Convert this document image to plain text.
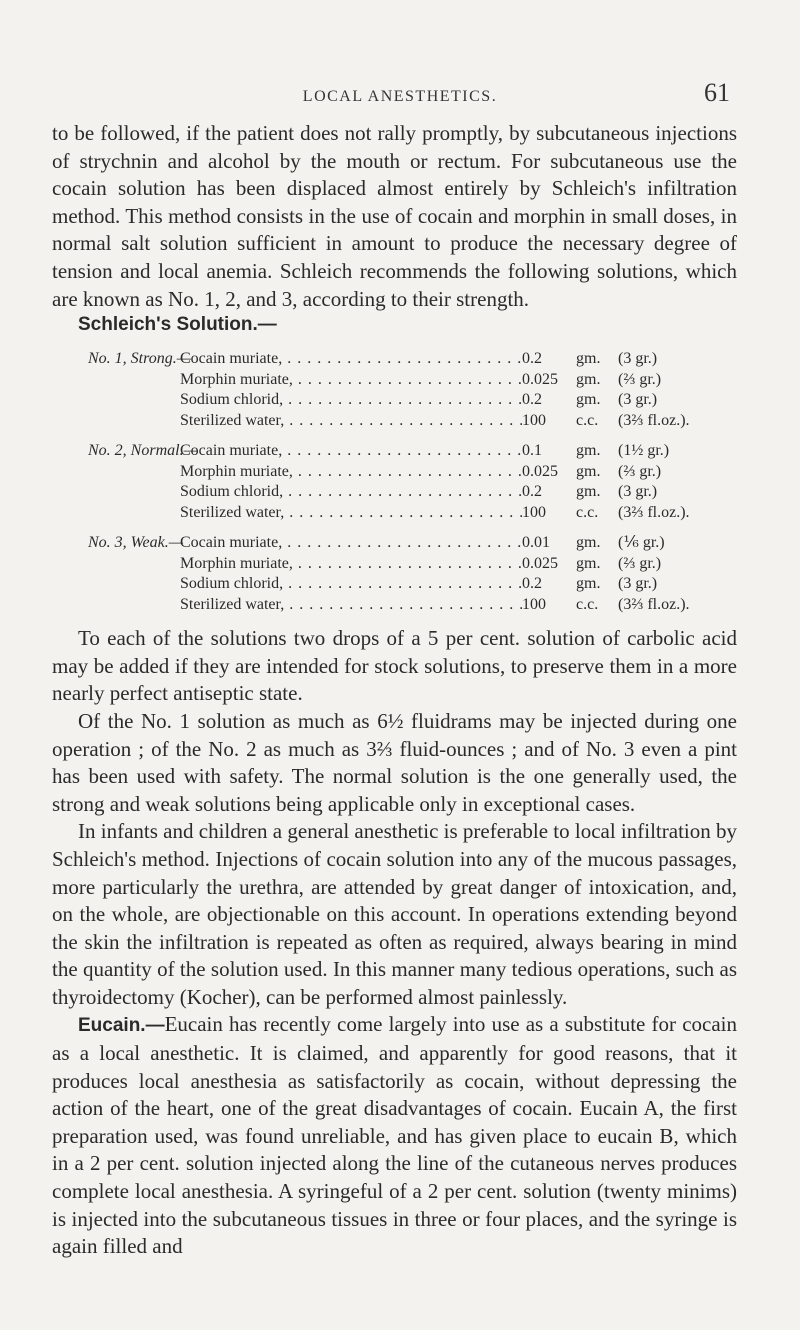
LOCAL ANESTHETICS.	61

to be followed, if the patient does not rally promptly, by subcutaneous injections of strychnin and alcohol by the mouth or rectum. For subcutaneous use the cocain solution has been displaced almost entirely by Schleich's infiltration method. This method consists in the use of cocain and morphin in small doses, in normal salt solution sufficient in amount to produce the necessary degree of tension and local anemia. Schleich recommends the following solutions, which are known as No. 1, 2, and 3, according to their strength.

Schleich's Solution.—
No. 1, Strong.—
Cocain muriate, . . .	0.2	gm.	(3 gr.)
Morphin muriate, . . .	0.025	gm.	(⅔ gr.)
Sodium chlorid, . . .	0.2	gm.	(3 gr.)
Sterilized water, . . .	100	c.c.	(3⅔ fl.oz.).
No. 2, Normal.—
Cocain muriate, . . .	0.1	gm.	(1½ gr.)
Morphin muriate, . . .	0.025	gm.	(⅔ gr.)
Sodium chlorid, . . .	0.2	gm.	(3 gr.)
Sterilized water, . . .	100	c.c.	(3⅔ fl.oz.).
No. 3, Weak.—
Cocain muriate, . . .	0.01	gm.	(⅙ gr.)
Morphin muriate, . . .	0.025	gm.	(⅔ gr.)
Sodium chlorid, . . .	0.2	gm.	(3 gr.)
Sterilized water, . . .	100	c.c.	(3⅔ fl.oz.).

To each of the solutions two drops of a 5 per cent. solution of carbolic acid may be added if they are intended for stock solutions, to preserve them in a more nearly perfect antiseptic state.

Of the No. 1 solution as much as 6½ fluidrams may be injected during one operation ; of the No. 2 as much as 3⅔ fluid-ounces ; and of No. 3 even a pint has been used with safety. The normal solution is the one generally used, the strong and weak solutions being applicable only in exceptional cases.

In infants and children a general anesthetic is preferable to local infiltration by Schleich's method. Injections of cocain solution into any of the mucous passages, more particularly the urethra, are attended by great danger of intoxication, and, on the whole, are objectionable on this account. In operations extending beyond the skin the infiltration is repeated as often as required, always bearing in mind the quantity of the solution used. In this manner many tedious operations, such as thyroidectomy (Kocher), can be performed almost painlessly.

Eucain.—Eucain has recently come largely into use as a substitute for cocain as a local anesthetic. It is claimed, and apparently for good reasons, that it produces local anesthesia as satisfactorily as cocain, without depressing the action of the heart, one of the great disadvantages of cocain. Eucain A, the first preparation used, was found unreliable, and has given place to eucain B, which in a 2 per cent. solution injected along the line of the cutaneous nerves produces complete local anesthesia. A syringeful of a 2 per cent. solution (twenty minims) is injected into the subcutaneous tissues in three or four places, and the syringe is again filled and
